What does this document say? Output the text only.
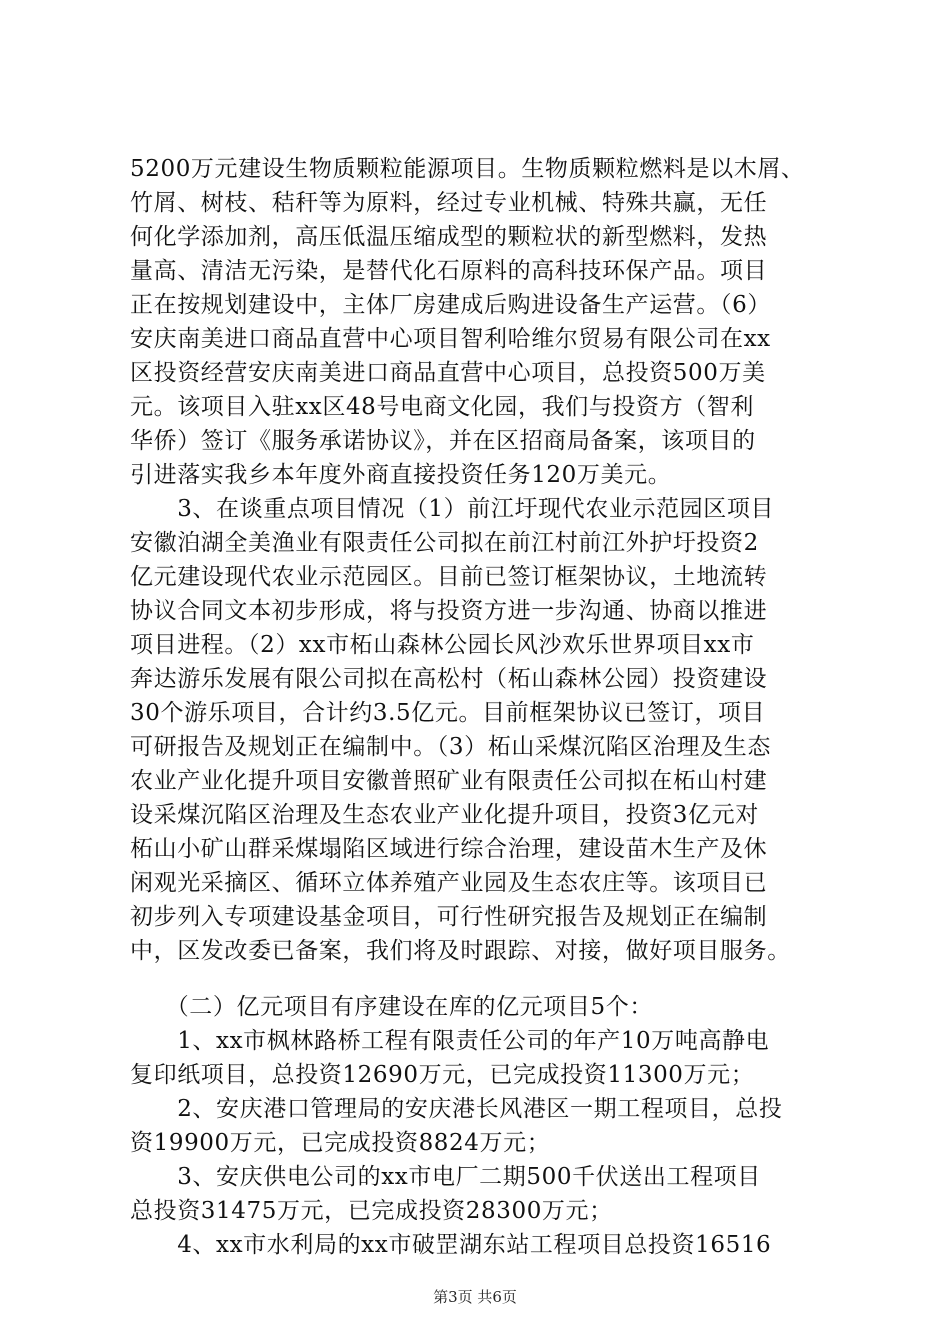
5200万元建设生物质颗粒能源项目。生物质颗粒燃料是以木屑、
竹屑、树枝、秸秆等为原料，经过专业机械、特殊共赢，无任
何化学添加剂，高压低温压缩成型的颗粒状的新型燃料，发热
量高、清洁无污染，是替代化石原料的高科技环保产品。项目
正在按规划建设中，主体厂房建成后购进设备生产运营。（6）
安庆南美进口商品直营中心项目智利哈维尔贸易有限公司在xx
区投资经营安庆南美进口商品直营中心项目，总投资500万美
元。该项目入驻xx区48号电商文化园，我们与投资方（智利
华侨）签订《服务承诺协议》，并在区招商局备案，该项目的
引进落实我乡本年度外商直接投资任务120万美元。
　　3、在谈重点项目情况（1）前江圩现代农业示范园区项目
安徽泊湖全美渔业有限责任公司拟在前江村前江外护圩投资2
亿元建设现代农业示范园区。目前已签订框架协议，土地流转
协议合同文本初步形成，将与投资方进一步沟通、协商以推进
项目进程。（2）xx市柘山森林公园长风沙欢乐世界项目xx市
奔达游乐发展有限公司拟在高松村（柘山森林公园）投资建设
30个游乐项目，合计约3.5亿元。目前框架协议已签订，项目
可研报告及规划正在编制中。（3）柘山采煤沉陷区治理及生态
农业产业化提升项目安徽普照矿业有限责任公司拟在柘山村建
设采煤沉陷区治理及生态农业产业化提升项目，投资3亿元对
柘山小矿山群采煤塌陷区域进行综合治理，建设苗木生产及休
闲观光采摘区、循环立体养殖产业园及生态农庄等。该项目已
初步列入专项建设基金项目，可行性研究报告及规划正在编制
中，区发改委已备案，我们将及时跟踪、对接，做好项目服务。
　　（二）亿元项目有序建设在库的亿元项目5个：
　　1、xx市枫林路桥工程有限责任公司的年产10万吨高静电
复印纸项目，总投资12690万元，已完成投资11300万元；
　　2、安庆港口管理局的安庆港长风港区一期工程项目，总投
资19900万元，已完成投资8824万元；
　　3、安庆供电公司的xx市电厂二期500千伏送出工程项目
总投资31475万元，已完成投资28300万元；
　　4、xx市水利局的xx市破罡湖东站工程项目总投资16516
第3页 共6页
